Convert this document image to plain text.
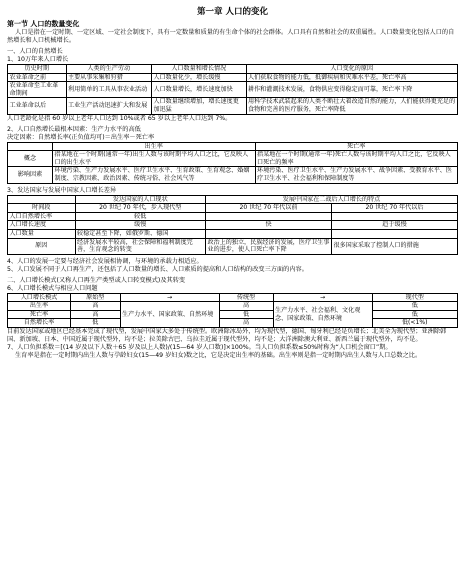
第一章 人口的变化
第一节 人口的数量变化

人口是指在一定时期、一定区域、一定社会制度下，具有一定数量和质量的有生命个体的社会群体。人口具有自然和社会的双重属性。人口数量变化包括人口的自然增长和人口机械增长。

一、人口的自然增长

1、10万年来人口增长

历史时期	人类的生产劳动	人口数量和增长情况	人口变化的原因
农业革命之前	主要从事采集和狩猎	人口数量化少，增长缓慢	人们获取食物的能力低，抵御疾病和灾难水平差，死亡率高
农业革命至工业革命期间	利用简单的工具从事农业活动	人口数量增长，增长速度加快	耕作和灌溉技术发展，食物供应变得稳定而可靠，死亡率下降
工业革命以后	工业生产活动迅速扩大和发展	人口数量继续增加，增长速度更加迅猛	用科学技术武装起来的人类不断壮大着改造自然的能力，人们能获得更充足的食物和完善的医疗服务，死亡率降低

人口老龄化是指 60 岁以上老年人口达到 10%或者 65 岁以上老年人口达到 7%。

2、人口自然增长最根本因素：生产力水平的高低

决定因素：自然增长率(正负值均可)＝出生率－死亡率

	出生率	死亡率
概念	指某地在一个时期(通常一年)出生人数与该时期平均人口之比，它反映人口的出生水平	指某地在一个时期(通常一年)死亡人数与该时期平均人口之比，它反映人口死亡的频率
影响因素	环境污染、生产力发展水平、医疗卫生水平、生育政策、生育观念、婚姻制度、宗教因素、政治因素、传统习俗、社会风气等	环境污染、医疗卫生水平、生产力发展水平、战争因素、受教育水平、医疗卫生水平、社会福利和保障制度等

3、发达国家与发展中国家人口增长差异

	发达国家的人口现状	发展中国家在二战后人口增长的特点	
时间段	20 世纪 70 年代，步入现代型	20 世纪 70 年代以前	20 世纪 70 年代以后
人口自然增长率	较低		
人口增长速度	缓慢	快	趋于缓慢
人口数量	较稳定甚至下降，如俄罗斯、德国		
原因	经济发展水平较高，社会保障和福利制度完善，生育观念的转变	政治上的独立，民族经济的发展，医疗卫生事业的进步，使人口死亡率下降	很多国家采取了控制人口的措施

4、人口的发展一定要与经济社会发展相协调，与环境的承载力相适应。

5、人口发展不同于人口再生产，还包括了人口数量的增长、人口素质的提高和人口结构的改变三方面的内容。

二、人口增长模式(又称人口再生产类型或人口转变模式)及其转变

6、人口增长模式与相应人口问题

人口增长模式	原始型	→	传统型	→	现代型
出生率	高	生产力水平、国家政策、自然环境	高	生产力水平、社会福利、文化观念、国家政策、自然环境	低
死亡率	高		低		低
自然增长率	低		高		低(<1%)

目前发达国家或地区已经基本完成了现代型，发展中国家大多处于传统型。欧洲除冰岛外，均为现代型，德国、匈牙利已经是负增长；北美全为现代型；亚洲除韩国、新加坡、日本、中国近属于现代型外，均不是；拉美除古巴、乌拉圭近属于现代型外，均不是；大洋洲除澳大利亚、新西兰属于现代型外，均不是。

7、人口负担系数＝[(14 岁及以下人数＋65 岁及以上人数)/(15—64 岁人口数)]×100%。当人口负担系数≤50%时称为“人口机会窗口”期。

生育率是指在一定时期内出生人数与孕龄妇女(15—49 岁妇女)数之比，它是决定出生率的基础。出生率则是指一定时期内出生人数与人口总数之比。
